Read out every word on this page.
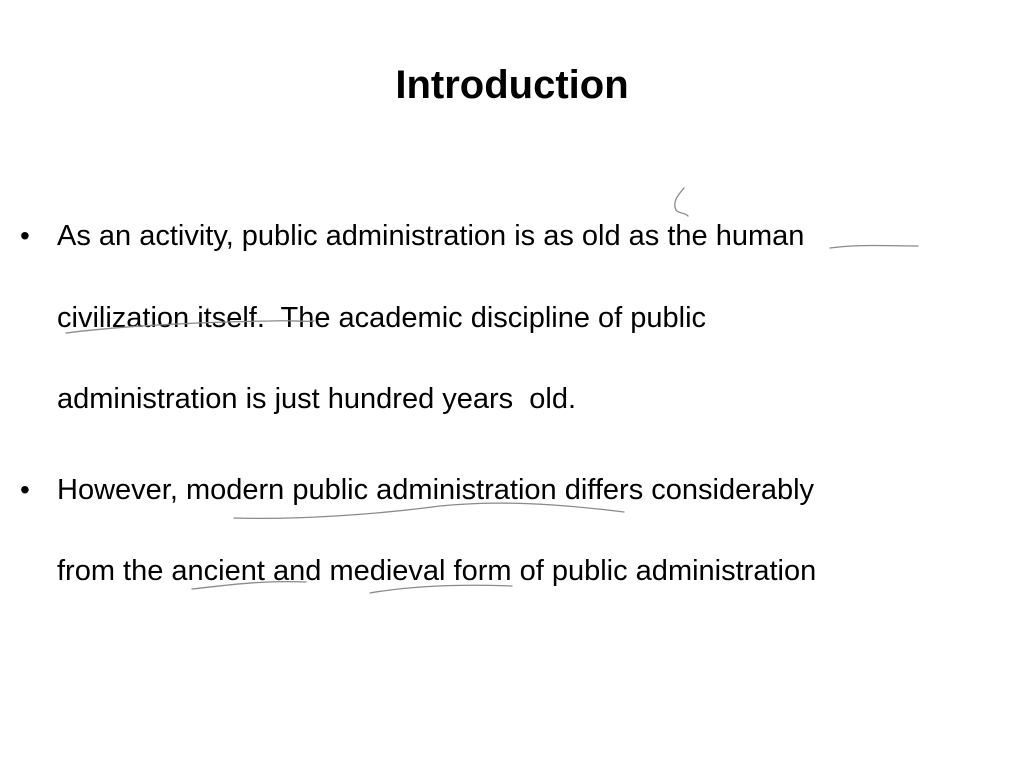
Introduction
• As an activity, public administration is as old as the human
civilization itself.  The academic discipline of public
administration is just hundred years  old.
• However, modern public administration differs considerably
from the ancient and medieval form of public administration
